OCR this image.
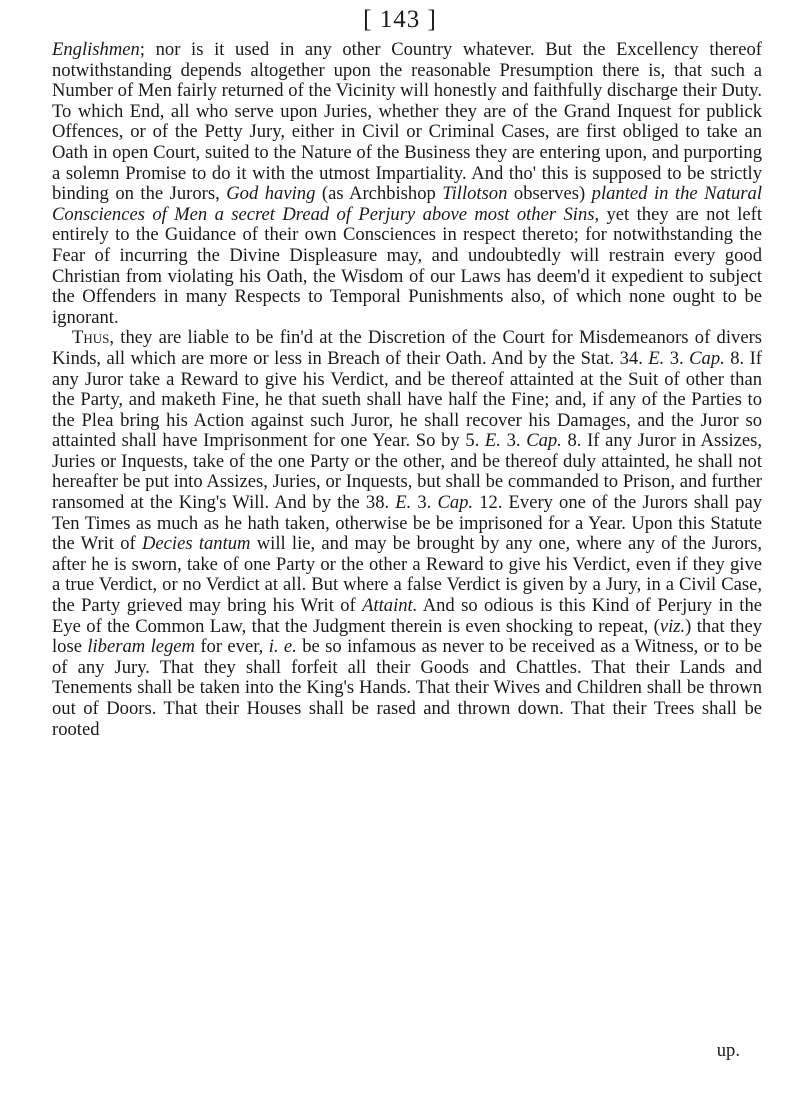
[ 143 ]

Englishmen; nor is it used in any other Country whatever. But the Excellency thereof notwithstanding depends altogether upon the reasonable Presumption there is, that such a Number of Men fairly returned of the Vicinity will honestly and faithfully discharge their Duty. To which End, all who serve upon Juries, whether they are of the Grand Inquest for publick Offences, or of the Petty Jury, either in Civil or Criminal Cases, are first obliged to take an Oath in open Court, suited to the Nature of the Business they are entering upon, and purporting a solemn Promise to do it with the utmost Impartiality. And tho' this is supposed to be strictly binding on the Jurors, God having (as Archbishop Tillotson observes) planted in the Natural Consciences of Men a secret Dread of Perjury above most other Sins, yet they are not left entirely to the Guidance of their own Consciences in respect thereto; for notwithstanding the Fear of incurring the Divine Displeasure may, and undoubtedly will restrain every good Christian from violating his Oath, the Wisdom of our Laws has deem'd it expedient to subject the Offenders in many Respects to Temporal Punishments also, of which none ought to be ignorant.

Thus, they are liable to be fin'd at the Discretion of the Court for Misdemeanors of divers Kinds, all which are more or less in Breach of their Oath. And by the Stat. 34. E. 3. Cap. 8. If any Juror take a Reward to give his Verdict, and be thereof attainted at the Suit of other than the Party, and maketh Fine, he that sueth shall have half the Fine; and, if any of the Parties to the Plea bring his Action against such Juror, he shall recover his Damages, and the Juror so attainted shall have Imprisonment for one Year. So by 5. E. 3. Cap. 8. If any Juror in Assizes, Juries or Inquests, take of the one Party or the other, and be thereof duly attainted, he shall not hereafter be put into Assizes, Juries, or Inquests, but shall be commanded to Prison, and further ransomed at the King's Will. And by the 38. E. 3. Cap. 12. Every one of the Jurors shall pay Ten Times as much as he hath taken, otherwise be be imprisoned for a Year. Upon this Statute the Writ of Decies tantum will lie, and may be brought by any one, where any of the Jurors, after he is sworn, take of one Party or the other a Reward to give his Verdict, even if they give a true Verdict, or no Verdict at all. But where a false Verdict is given by a Jury, in a Civil Case, the Party grieved may bring his Writ of Attaint. And so odious is this Kind of Perjury in the Eye of the Common Law, that the Judgment therein is even shocking to repeat, (viz.) that they lose liberam legem for ever, i. e. be so infamous as never to be received as a Witness, or to be of any Jury. That they shall forfeit all their Goods and Chattles. That their Lands and Tenements shall be taken into the King's Hands. That their Wives and Children shall be thrown out of Doors. That their Houses shall be rased and thrown down. That their Trees shall be rooted

up.
